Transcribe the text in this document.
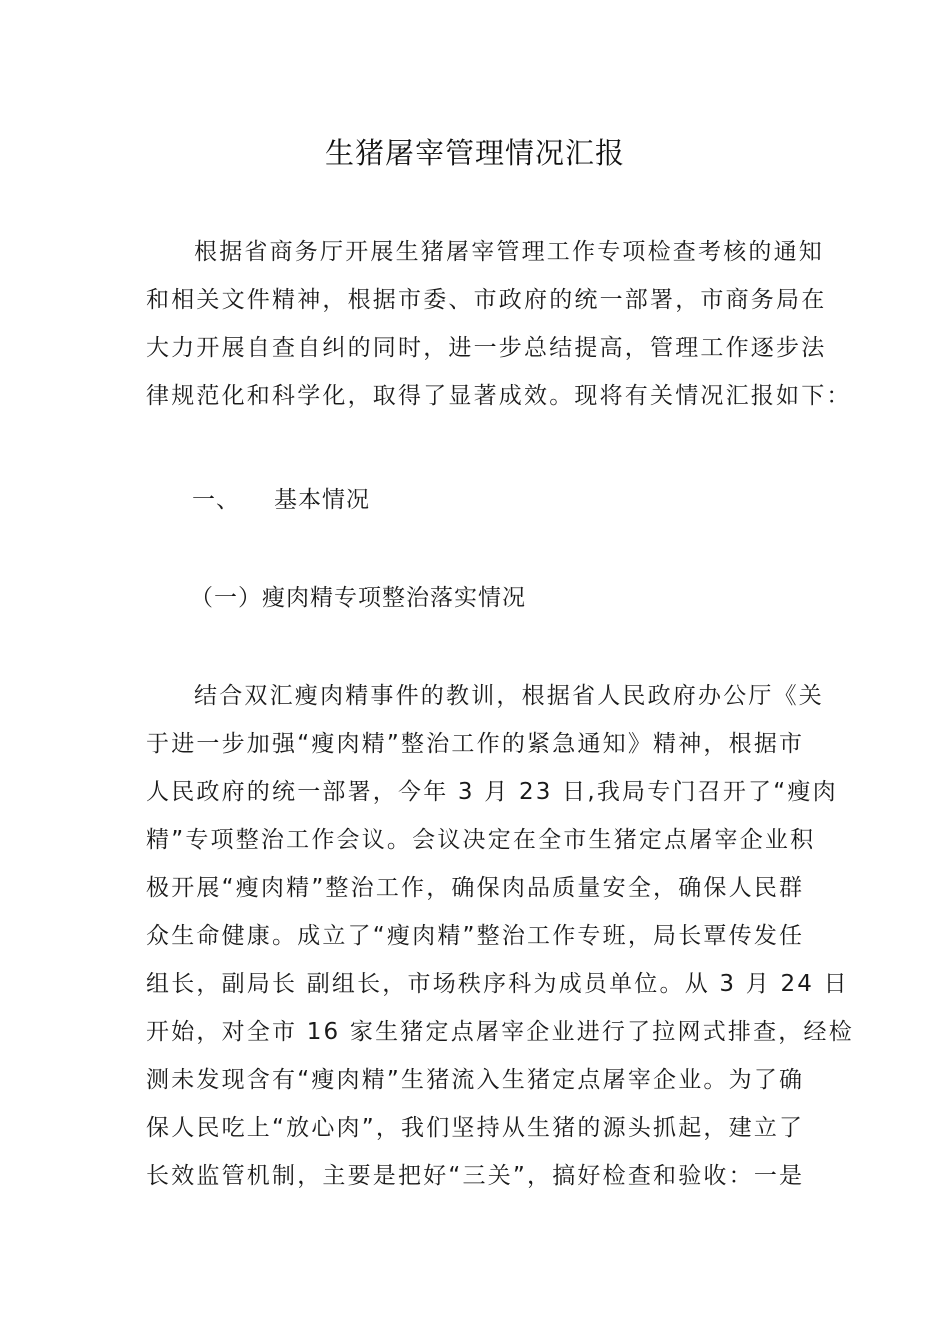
生猪屠宰管理情况汇报
根据省商务厅开展生猪屠宰管理工作专项检查考核的通知
和相关文件精神，根据市委、市政府的统一部署，市商务局在
大力开展自查自纠的同时，进一步总结提高，管理工作逐步法
律规范化和科学化，取得了显著成效。现将有关情况汇报如下：
一、 基本情况
（一）瘦肉精专项整治落实情况
结合双汇瘦肉精事件的教训，根据省人民政府办公厅《关
于进一步加强“瘦肉精”整治工作的紧急通知》精神，根据市
人民政府的统一部署，今年 3 月 23 日,我局专门召开了“瘦肉
精”专项整治工作会议。会议决定在全市生猪定点屠宰企业积
极开展“瘦肉精”整治工作，确保肉品质量安全，确保人民群
众生命健康。成立了“瘦肉精”整治工作专班，局长覃传发任
组长，副局长 副组长，市场秩序科为成员单位。从 3 月 24 日
开始，对全市 16 家生猪定点屠宰企业进行了拉网式排查，经检
测未发现含有“瘦肉精”生猪流入生猪定点屠宰企业。为了确
保人民吃上“放心肉”，我们坚持从生猪的源头抓起，建立了
长效监管机制，主要是把好“三关”，搞好检查和验收：一是
